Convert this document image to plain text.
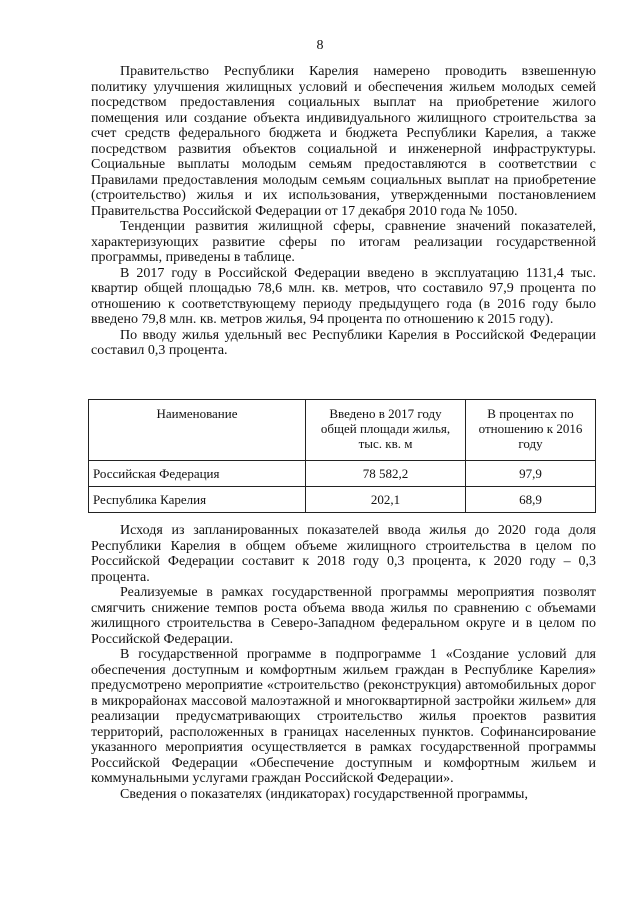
8

Правительство Республики Карелия намерено проводить взвешенную политику улучшения жилищных условий и обеспечения жильем молодых семей посредством предоставления социальных выплат на приобретение жилого помещения или создание объекта индивидуального жилищного строительства за счет средств федерального бюджета и бюджета Республики Карелия, а также посредством развития объектов социальной и инженерной инфраструктуры. Социальные выплаты молодым семьям предоставляются в соответствии с Правилами предоставления молодым семьям социальных выплат на приобретение (строительство) жилья и их использования, утвержденными постановлением Правительства Российской Федерации от 17 декабря 2010 года № 1050.

Тенденции развития жилищной сферы, сравнение значений показателей, характеризующих развитие сферы по итогам реализации государственной программы, приведены в таблице.

В 2017 году в Российской Федерации введено в эксплуатацию 1131,4 тыс. квартир общей площадью 78,6 млн. кв. метров, что составило 97,9 процента по отношению к соответствующему периоду предыдущего года (в 2016 году было введено 79,8 млн. кв. метров жилья, 94 процента по отношению к 2015 году).

По вводу жилья удельный вес Республики Карелия в Российской Федерации составил 0,3 процента.

Наименование	Введено в 2017 году общей площади жилья, тыс. кв. м	В процентах по отношению к 2016 году
Российская Федерация	78 582,2	97,9
Республика Карелия	202,1	68,9

Исходя из запланированных показателей ввода жилья до 2020 года доля Республики Карелия в общем объеме жилищного строительства в целом по Российской Федерации составит к 2018 году 0,3 процента, к 2020 году – 0,3 процента.

Реализуемые в рамках государственной программы мероприятия позволят смягчить снижение темпов роста объема ввода жилья по сравнению с объемами жилищного строительства в Северо-Западном федеральном округе и в целом по Российской Федерации.

В государственной программе в подпрограмме 1 «Создание условий для обеспечения доступным и комфортным жильем граждан в Республике Карелия» предусмотрено мероприятие «строительство (реконструкция) автомобильных дорог в микрорайонах массовой малоэтажной и многоквартирной застройки жильем» для реализации предусматривающих строительство жилья проектов развития территорий, расположенных в границах населенных пунктов. Софинансирование указанного мероприятия осуществляется в рамках государственной программы Российской Федерации «Обеспечение доступным и комфортным жильем и коммунальными услугами граждан Российской Федерации».

Сведения о показателях (индикаторах) государственной программы,
